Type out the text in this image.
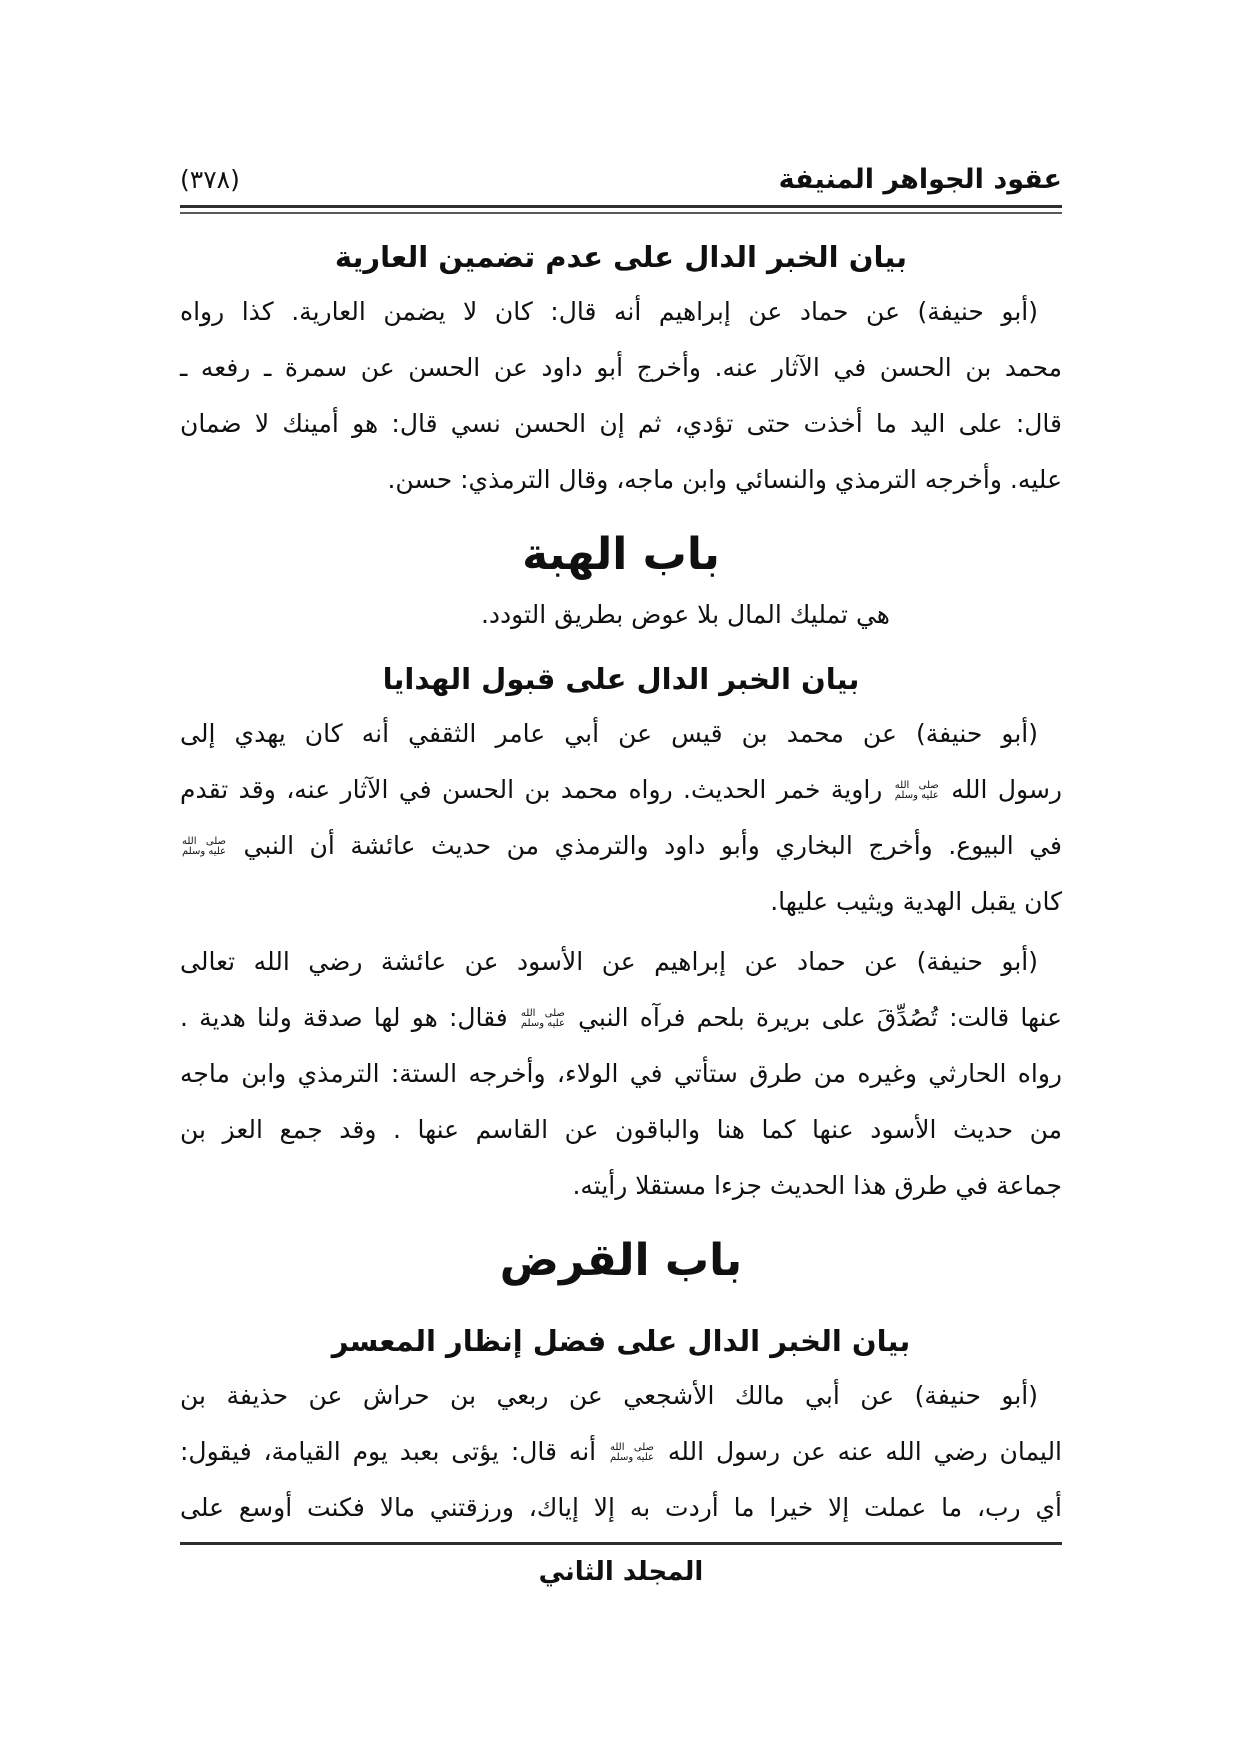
عقود الجواهر المنيفة
(٣٧٨)
بيان الخبر الدال على عدم تضمين العارية
(أبو حنيفة) عن حماد عن إبراهيم أنه قال: كان لا يضمن العارية. كذا رواه
محمد بن الحسن في الآثار عنه. وأخرج أبو داود عن الحسن عن سمرة ـ رفعه ـ
قال: على اليد ما أخذت حتى تؤدي، ثم إن الحسن نسي قال: هو أمينك لا ضمان
عليه. وأخرجه الترمذي والنسائي وابن ماجه، وقال الترمذي: حسن.
باب الهبة
هي تمليك المال بلا عوض بطريق التودد.
بيان الخبر الدال على قبول الهدايا
(أبو حنيفة) عن محمد بن قيس عن أبي عامر الثقفي أنه كان يهدي إلى
رسول الله صلى الله
عليه وسلم راوية خمر الحديث. رواه محمد بن الحسن في الآثار عنه، وقد تقدم
في البيوع. وأخرج البخاري وأبو داود والترمذي من حديث عائشة أن النبي صلى الله
عليه وسلم
كان يقبل الهدية ويثيب عليها.
(أبو حنيفة) عن حماد عن إبراهيم عن الأسود عن عائشة رضي الله تعالى
عنها قالت: تُصُدِّقَ على بريرة بلحم فرآه النبي صلى الله
عليه وسلم فقال: هو لها صدقة ولنا هدية .
رواه الحارثي وغيره من طرق ستأتي في الولاء، وأخرجه الستة: الترمذي وابن ماجه
من حديث الأسود عنها كما هنا والباقون عن القاسم عنها . وقد جمع العز بن
جماعة في طرق هذا الحديث جزءا مستقلا رأيته.
باب القرض
بيان الخبر الدال على فضل إنظار المعسر
(أبو حنيفة) عن أبي مالك الأشجعي عن ربعي بن حراش عن حذيفة بن
اليمان رضي الله عنه عن رسول الله صلى الله
عليه وسلم أنه قال: يؤتى بعبد يوم القيامة، فيقول:
أي رب، ما عملت إلا خيرا ما أردت به إلا إياك، ورزقتني مالا فكنت أوسع على
المجلد الثاني
